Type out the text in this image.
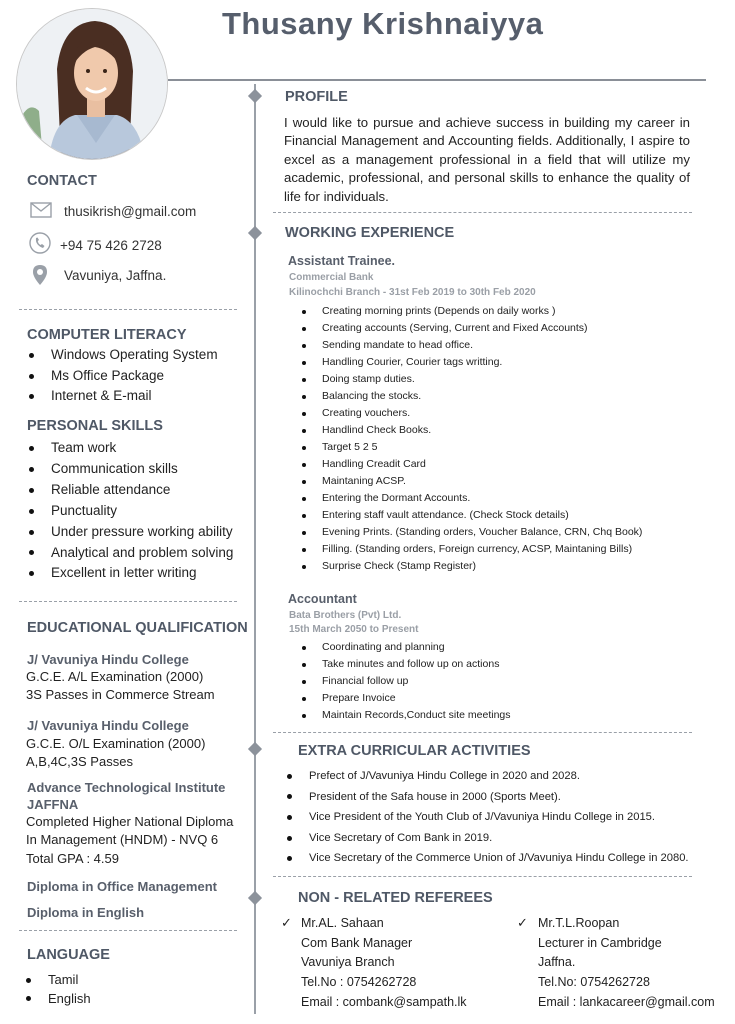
Thusany Krishnaiyya
CONTACT
thusikrish@gmail.com
+94 75 426 2728
Vavuniya, Jaffna.
COMPUTER LITERACY
Windows Operating System
Ms Office Package
Internet & E-mail
PERSONAL SKILLS
Team work
Communication skills
Reliable attendance
Punctuality
Under pressure working ability
Analytical and problem solving
Excellent in letter writing
EDUCATIONAL QUALIFICATION
J/ Vavuniya Hindu College
G.C.E. A/L Examination (2000)
3S Passes in Commerce Stream
J/ Vavuniya Hindu College
G.C.E. O/L Examination (2000)
A,B,4C,3S Passes
Advance Technological Institute
JAFFNA
Completed Higher National Diploma
In Management (HNDM) - NVQ 6
Total GPA : 4.59
Diploma in Office Management
Diploma in English
LANGUAGE
Tamil
English
PROFILE
I would like to pursue and achieve success in building my career in Financial Management and Accounting fields. Additionally, I aspire to excel as a management professional in a field that will utilize my academic, professional, and personal skills to enhance the quality of life for individuals.
WORKING EXPERIENCE
Assistant Trainee.
Commercial Bank
Kilinochchi Branch - 31st Feb 2019 to 30th Feb 2020
Creating morning prints (Depends on daily works )
Creating accounts (Serving, Current and Fixed Accounts)
Sending mandate to head office.
Handling Courier, Courier tags writting.
Doing stamp duties.
Balancing the stocks.
Creating vouchers.
Handlind Check Books.
Target 5 2 5
Handling Creadit Card
Maintaning ACSP.
Entering the Dormant Accounts.
Entering staff vault attendance. (Check Stock details)
Evening Prints. (Standing orders, Voucher Balance, CRN, Chq Book)
Filling. (Standing orders, Foreign currency, ACSP, Maintaning Bills)
Surprise Check (Stamp Register)
Accountant
Bata Brothers (Pvt) Ltd.
15th March 2050 to Present
Coordinating and planning
Take minutes and follow up on actions
Financial follow up
Prepare Invoice
Maintain Records,Conduct site meetings
EXTRA CURRICULAR ACTIVITIES
Prefect of J/Vavuniya Hindu College in 2020 and 2028.
President of the Safa house in 2000 (Sports Meet).
Vice President of the Youth Club of J/Vavuniya Hindu College in 2015.
Vice Secretary of Com Bank in 2019.
Vice Secretary of the Commerce Union of J/Vavuniya Hindu College in 2080.
NON - RELATED REFEREES
✓ Mr.AL. Sahaan
Com Bank Manager
Vavuniya Branch
Tel.No : 0754262728
Email : combank@sampath.lk
✓ Mr.T.L.Roopan
Lecturer in Cambridge
Jaffna.
Tel.No: 0754262728
Email : lankacareer@gmail.com
